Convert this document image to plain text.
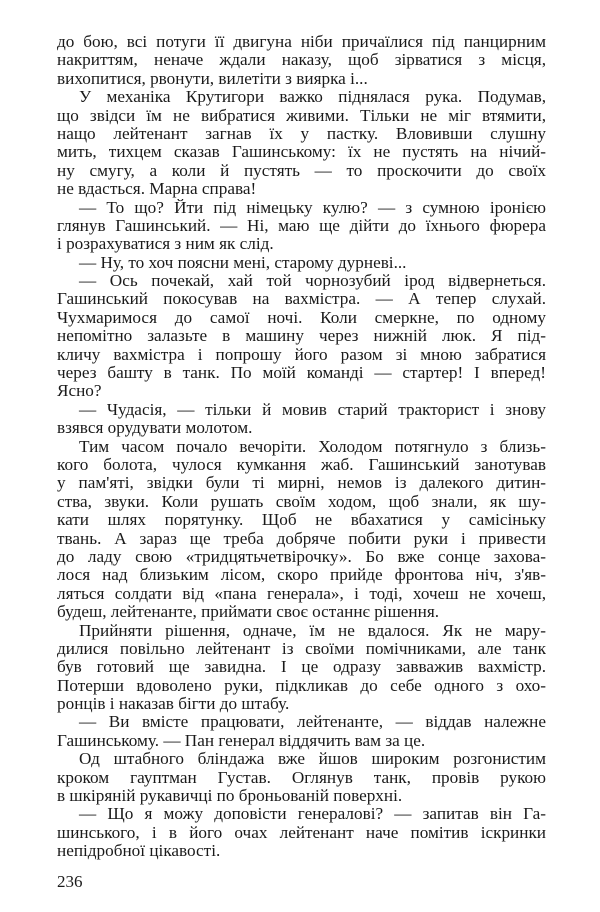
до бою, всі потуги її двигуна ніби причаїлися під панцирним
накриттям, неначе ждали наказу, щоб зірватися з місця,
вихопитися, рвонути, вилетіти з виярка і...
У механіка Крутигори важко піднялася рука. Подумав,
що звідси їм не вибратися живими. Тільки не міг втямити,
нащо лейтенант загнав їх у пастку. Вловивши слушну
мить, тихцем сказав Гашинському: їх не пустять на нічий-
ну смугу, а коли й пустять — то проскочити до своїх
не вдасться. Марна справа!
— То що? Йти під німецьку кулю? — з сумною іронією
глянув Гашинський. — Ні, маю ще дійти до їхнього фюрера
і розрахуватися з ним як слід.
— Ну, то хоч поясни мені, старому дурневі...
— Ось почекай, хай той чорнозубий ірод відвернеться.
Гашинський покосував на вахмістра. — А тепер слухай.
Чухмаримося до самої ночі. Коли смеркне, по одному
непомітно залазьте в машину через нижній люк. Я під-
кличу вахмістра і попрошу його разом зі мною забратися
через башту в танк. По моїй команді — стартер! І вперед!
Ясно?
— Чудасія, — тільки й мовив старий тракторист і знову
взявся орудувати молотом.
Тим часом почало вечоріти. Холодом потягнуло з близь-
кого болота, чулося кумкання жаб. Гашинський занотував
у пам'яті, звідки були ті мирні, немов із далекого дитин-
ства, звуки. Коли рушать своїм ходом, щоб знали, як шу-
кати шлях порятунку. Щоб не вбахатися у самісіньку
твань. А зараз ще треба добряче побити руки і привести
до ладу свою «тридцятьчетвірочку». Бо вже сонце захова-
лося над близьким лісом, скоро прийде фронтова ніч, з'яв-
ляться солдати від «пана генерала», і тоді, хочеш не хочеш,
будеш, лейтенанте, приймати своє останнє рішення.
Прийняти рішення, одначе, їм не вдалося. Як не мару-
дилися повільно лейтенант із своїми помічниками, але танк
був готовий ще завидна. І це одразу завважив вахмістр.
Потерши вдоволено руки, підкликав до себе одного з охо-
ронців і наказав бігти до штабу.
— Ви вмісте працювати, лейтенанте, — віддав належне
Гашинському. — Пан генерал віддячить вам за це.
Од штабного бліндажа вже йшов широким розгонистим
кроком гауптман Густав. Оглянув танк, провів рукою
в шкіряній рукавичці по броньованій поверхні.
— Що я можу доповісти генералові? — запитав він Га-
шинського, і в його очах лейтенант наче помітив іскринки
непідробної цікавості.
236
